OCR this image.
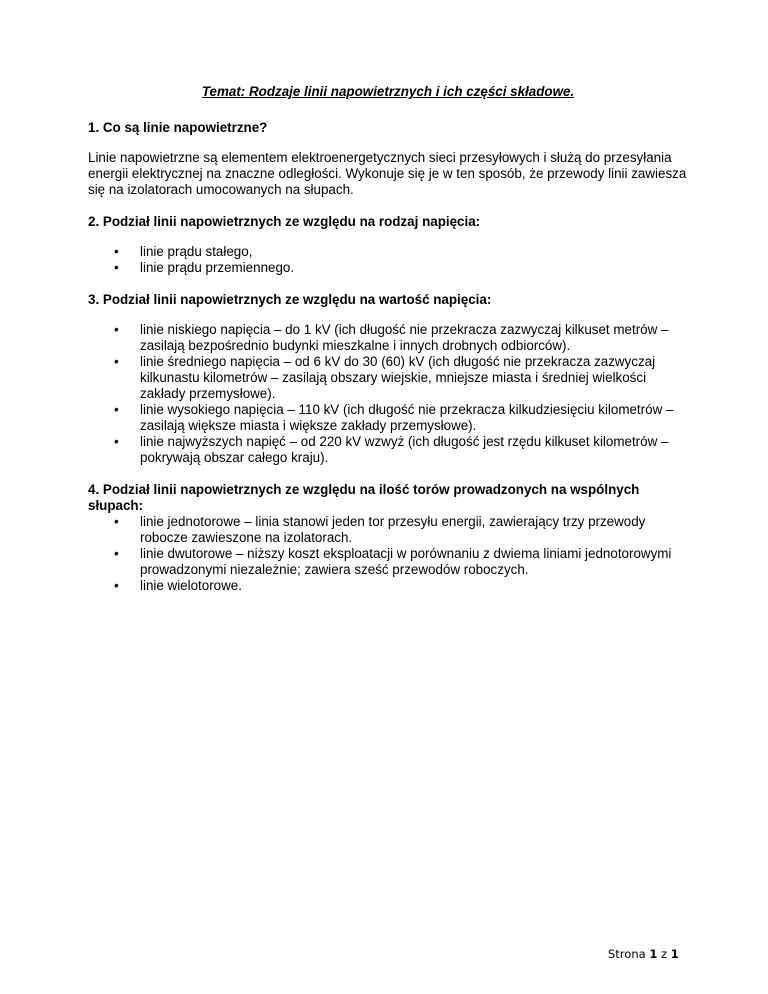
Temat: Rodzaje linii napowietrznych i ich części składowe.

1. Co są linie napowietrzne?

Linie napowietrzne są elementem elektroenergetycznych sieci przesyłowych i służą do przesyłania energii elektrycznej na znaczne odległości. Wykonuje się je w ten sposób, że przewody linii zawiesza się na izolatorach umocowanych na słupach.

2. Podział linii napowietrznych ze względu na rodzaj napięcia:

• linie prądu stałego,
• linie prądu przemiennego.

3. Podział linii napowietrznych ze względu na wartość napięcia:

• linie niskiego napięcia – do 1 kV (ich długość nie przekracza zazwyczaj kilkuset metrów – zasilają bezpośrednio budynki mieszkalne i innych drobnych odbiorców).
• linie średniego napięcia – od 6 kV do 30 (60) kV (ich długość nie przekracza zazwyczaj kilkunastu kilometrów – zasilają obszary wiejskie, mniejsze miasta i średniej wielkości zakłady przemysłowe).
• linie wysokiego napięcia – 110 kV (ich długość nie przekracza kilkudziesięciu kilometrów – zasilają większe miasta i większe zakłady przemysłowe).
• linie najwyższych napięć – od 220 kV wzwyż (ich długość jest rzędu kilkuset kilometrów – pokrywają obszar całego kraju).

4. Podział linii napowietrznych ze względu na ilość torów prowadzonych na wspólnych słupach:

• linie jednotorowe – linia stanowi jeden tor przesyłu energii, zawierający trzy przewody robocze zawieszone na izolatorach.
• linie dwutorowe – niższy koszt eksploatacji w porównaniu z dwiema liniami jednotorowymi prowadzonymi niezależnie; zawiera sześć przewodów roboczych.
• linie wielotorowe.
Strona 1 z 1
